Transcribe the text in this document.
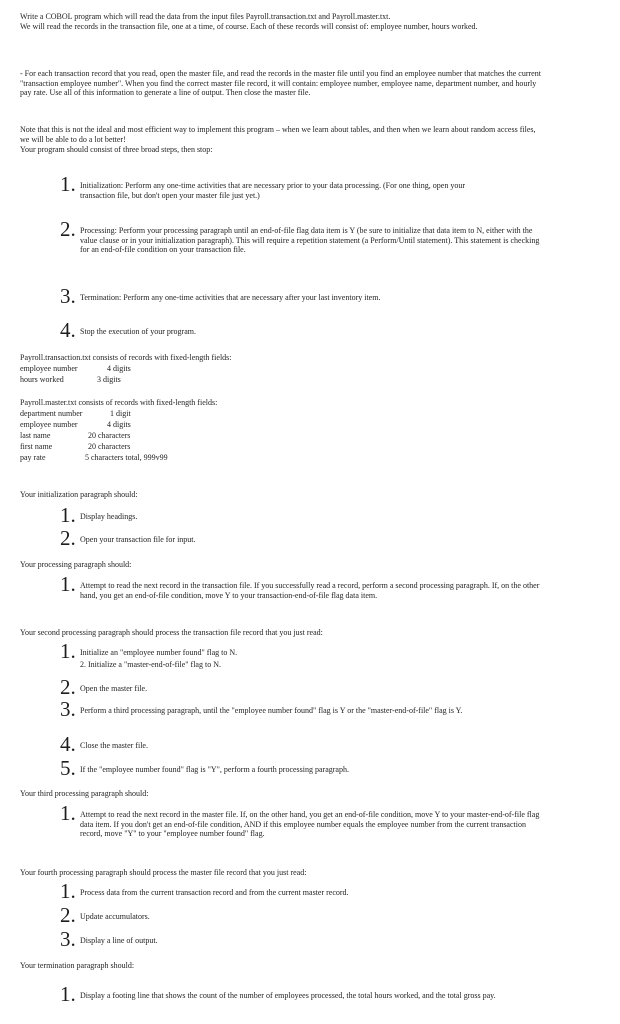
Write a COBOL program which will read the data from the input files Payroll.transaction.txt and Payroll.master.txt.
We will read the records in the transaction file, one at a time, of course. Each of these records will consist of: employee number, hours worked.
- For each transaction record that you read, open the master file, and read the records in the master file until you find an employee number that matches the current "transaction employee number". When you find the correct master file record, it will contain: employee number, employee name, department number, and hourly pay rate. Use all of this information to generate a line of output. Then close the master file.
Note that this is not the ideal and most efficient way to implement this program – when we learn about tables, and then when we learn about random access files, we will be able to do a lot better!
Your program should consist of three broad steps, then stop:
1. Initialization: Perform any one-time activities that are necessary prior to your data processing. (For one thing, open your transaction file, but don't open your master file just yet.)
2. Processing: Perform your processing paragraph until an end-of-file flag data item is Y (be sure to initialize that data item to N, either with the value clause or in your initialization paragraph). This will require a repetition statement (a Perform/Until statement). This statement is checking for an end-of-file condition on your transaction file.
3. Termination: Perform any one-time activities that are necessary after your last inventory item.
4. Stop the execution of your program.
Payroll.transaction.txt consists of records with fixed-length fields:
employee number	4 digits
hours worked	3 digits
Payroll.master.txt consists of records with fixed-length fields:
department number	1 digit
employee number	4 digits
last name	20 characters
first name	20 characters
pay rate	5 characters total, 999v99
Your initialization paragraph should:
1. Display headings.
2. Open your transaction file for input.
Your processing paragraph should:
1. Attempt to read the next record in the transaction file. If you successfully read a record, perform a second processing paragraph. If, on the other hand, you get an end-of-file condition, move Y to your transaction-end-of-file flag data item.
Your second processing paragraph should process the transaction file record that you just read:
1. Initialize an "employee number found" flag to N.
2. Initialize a "master-end-of-file" flag to N.
2. Open the master file.
3. Perform a third processing paragraph, until the "employee number found" flag is Y or the "master-end-of-file" flag is Y.
4. Close the master file.
5. If the "employee number found" flag is "Y", perform a fourth processing paragraph.
Your third processing paragraph should:
1. Attempt to read the next record in the master file. If, on the other hand, you get an end-of-file condition, move Y to your master-end-of-file flag data item. If you don't get an end-of-file condition, AND if this employee number equals the employee number from the current transaction record, move "Y" to your "employee number found" flag.
Your fourth processing paragraph should process the master file record that you just read:
1. Process data from the current transaction record and from the current master record.
2. Update accumulators.
3. Display a line of output.
Your termination paragraph should:
1. Display a footing line that shows the count of the number of employees processed, the total hours worked, and the total gross pay.
